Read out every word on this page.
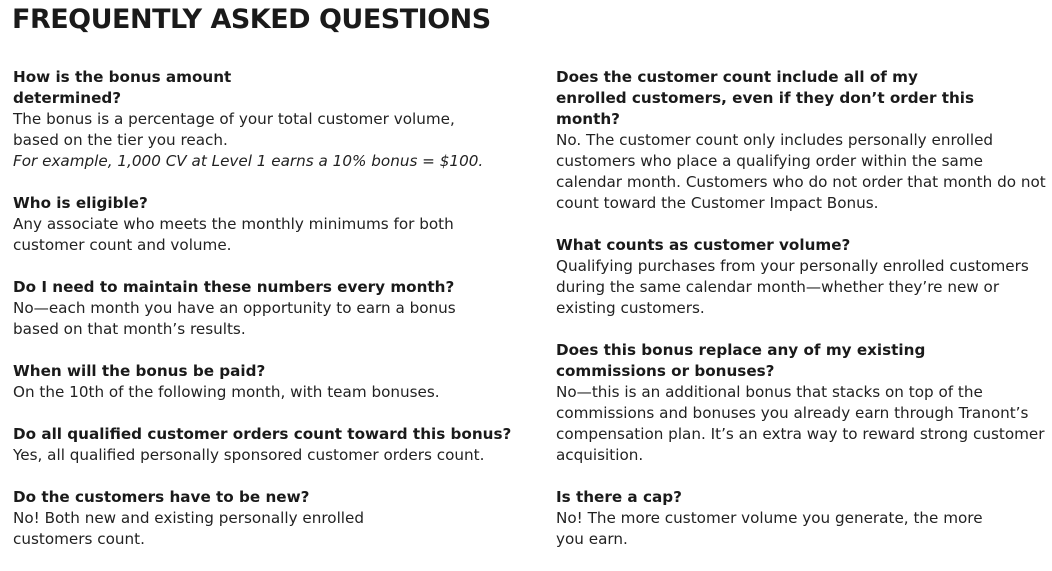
FREQUENTLY ASKED QUESTIONS
How is the bonus amount determined?
The bonus is a percentage of your total customer volume, based on the tier you reach.
For example, 1,000 CV at Level 1 earns a 10% bonus = $100.
Who is eligible?
Any associate who meets the monthly minimums for both customer count and volume.
Do I need to maintain these numbers every month?
No—each month you have an opportunity to earn a bonus based on that month’s results.
When will the bonus be paid?
On the 10th of the following month, with team bonuses.
Do all qualified customer orders count toward this bonus?
Yes, all qualified personally sponsored customer orders count.
Do the customers have to be new?
No! Both new and existing personally enrolled customers count.
Does the customer count include all of my enrolled customers, even if they don’t order this month?
No. The customer count only includes personally enrolled customers who place a qualifying order within the same calendar month. Customers who do not order that month do not count toward the Customer Impact Bonus.
What counts as customer volume?
Qualifying purchases from your personally enrolled customers during the same calendar month—whether they’re new or existing customers.
Does this bonus replace any of my existing commissions or bonuses?
No—this is an additional bonus that stacks on top of the commissions and bonuses you already earn through Tranont’s compensation plan. It’s an extra way to reward strong customer acquisition.
Is there a cap?
No! The more customer volume you generate, the more you earn.
